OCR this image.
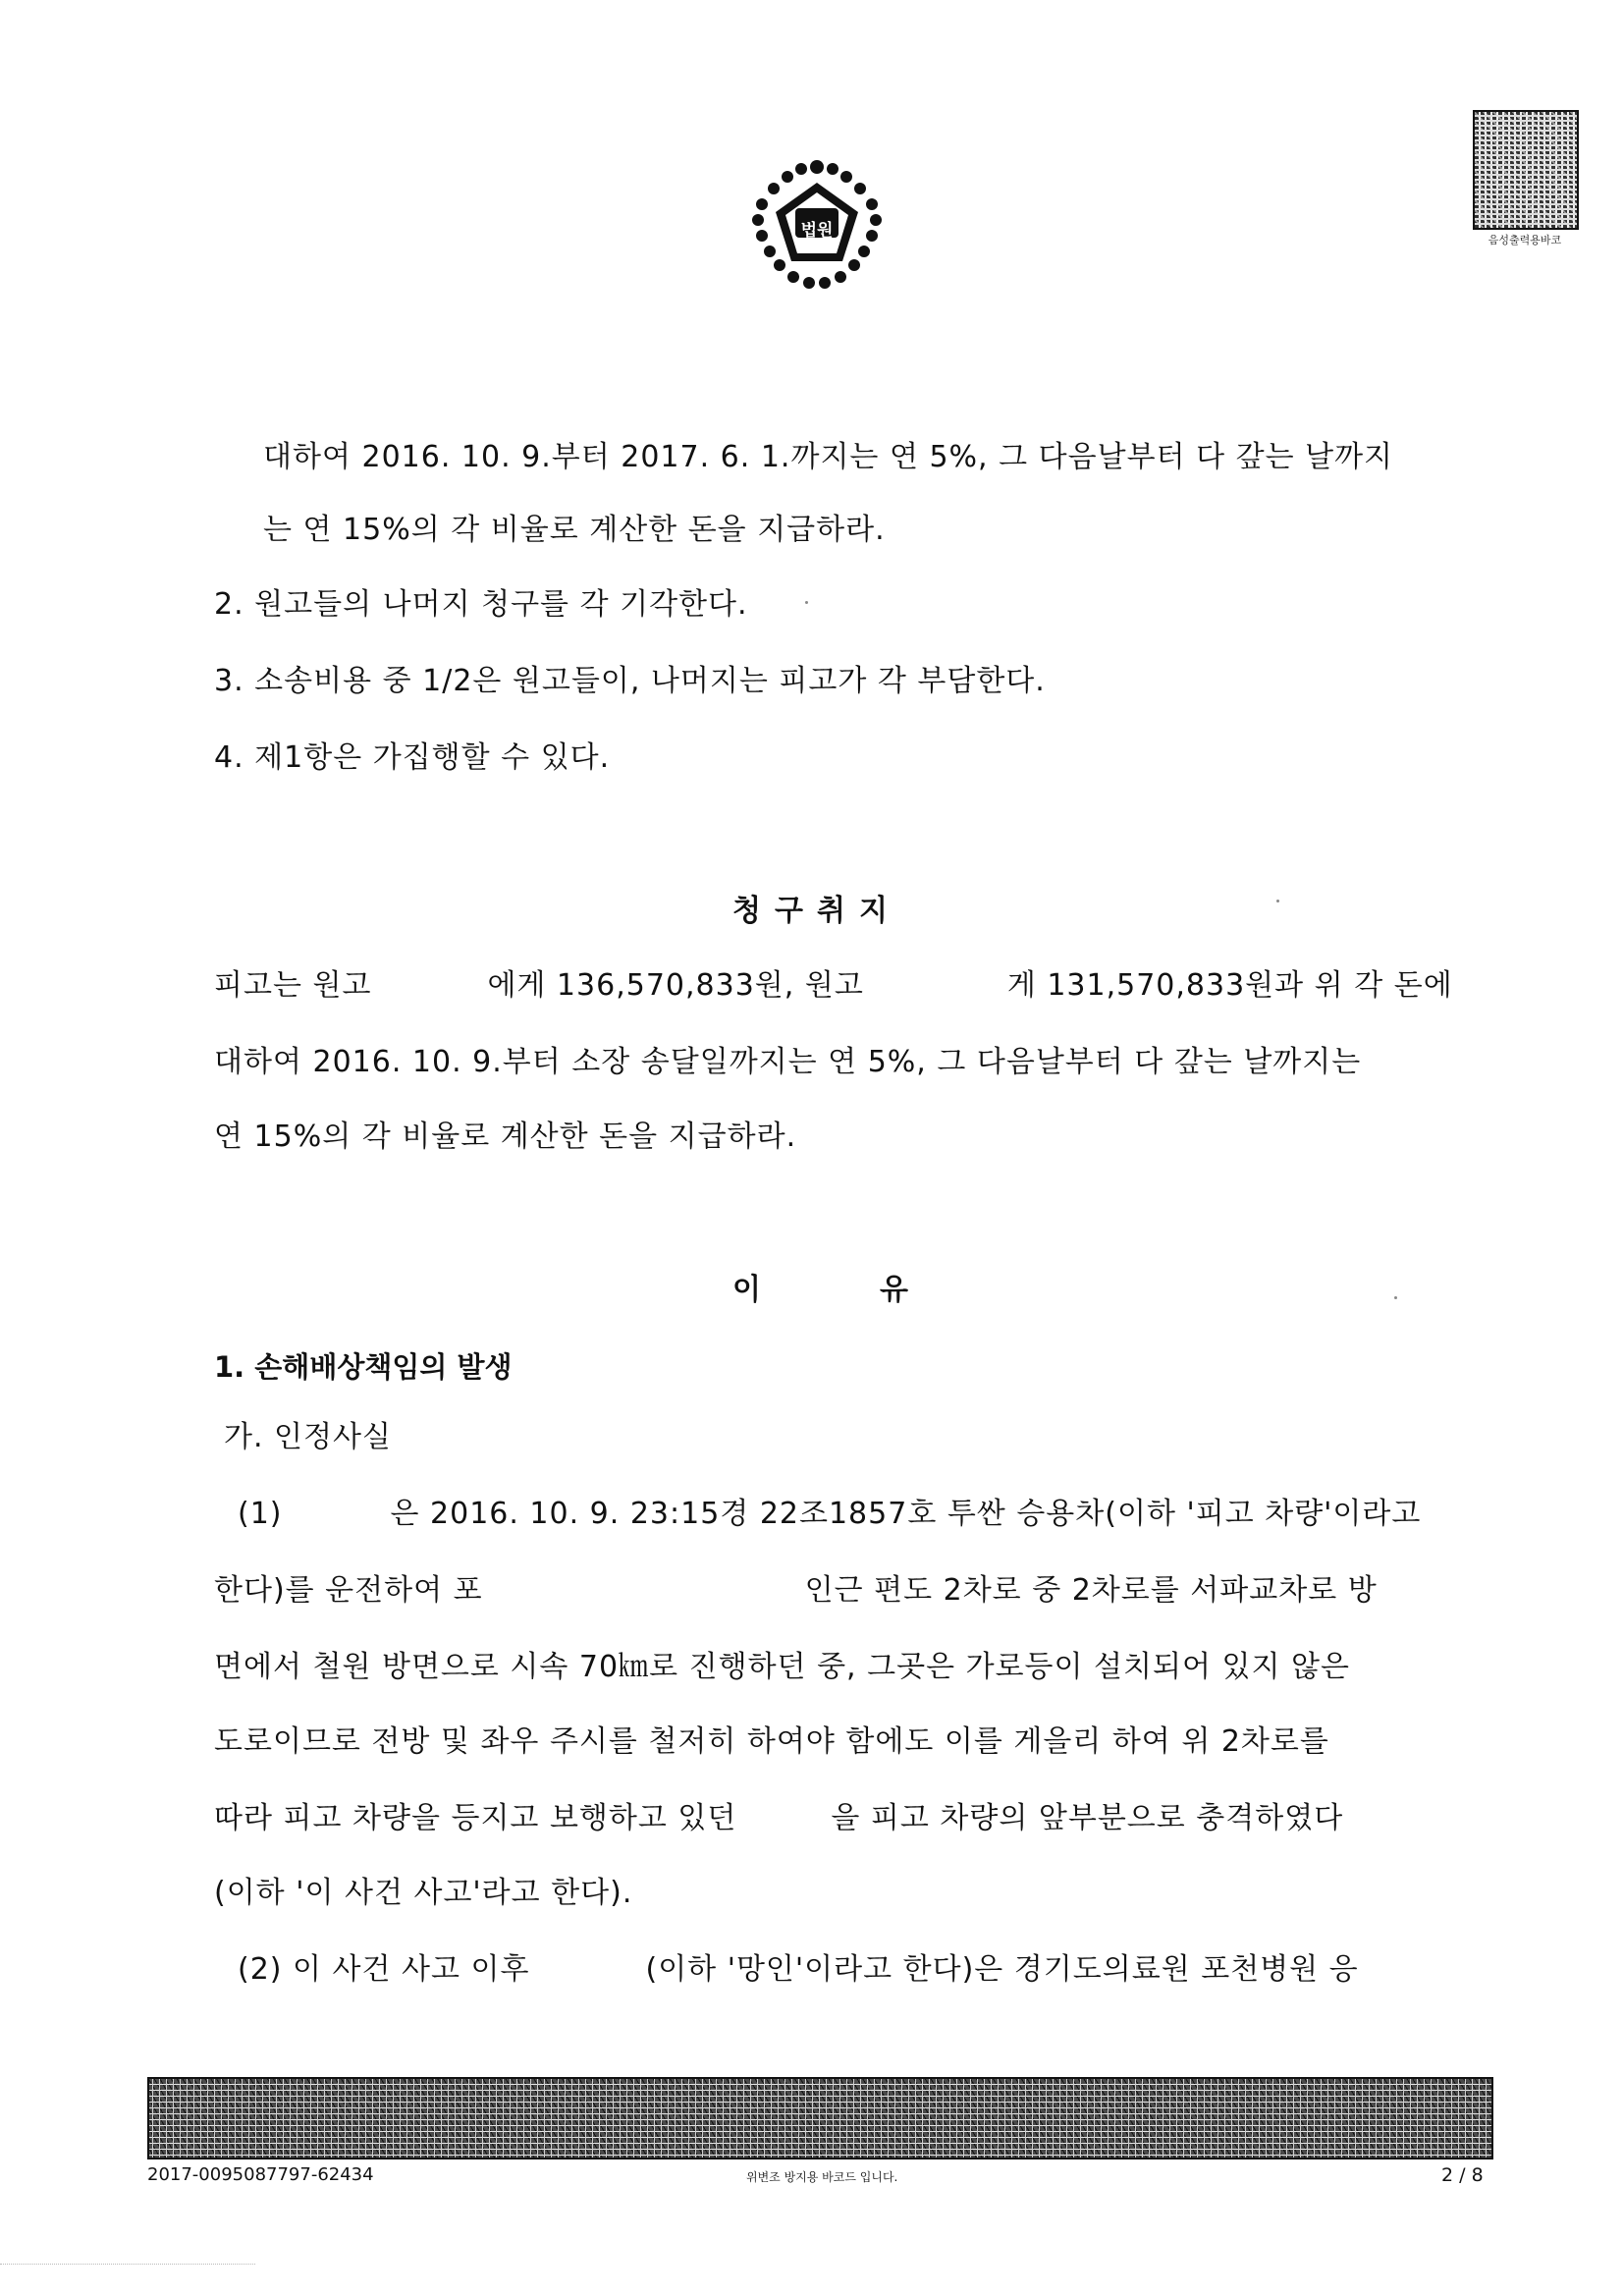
음성출력용바코
법원
대하여 2016. 10. 9.부터 2017. 6. 1.까지는 연 5%, 그 다음날부터 다 갚는 날까지
는 연 15%의 각 비율로 계산한 돈을 지급하라.
2. 원고들의 나머지 청구를 각 기각한다.
3. 소송비용 중 1/2은 원고들이, 나머지는 피고가 각 부담한다.
4. 제1항은 가집행할 수 있다.
청구취지
피고는 원고	에게 136,570,833원, 원고	게 131,570,833원과 위 각 돈에
대하여 2016. 10. 9.부터 소장 송달일까지는 연 5%, 그 다음날부터 다 갚는 날까지는
연 15%의 각 비율로 계산한 돈을 지급하라.
이	유
1. 손해배상책임의 발생
가. 인정사실
(1)	은 2016. 10. 9. 23:15경 22조1857호 투싼 승용차(이하 '피고 차량'이라고
한다)를 운전하여 포	인근 편도 2차로 중 2차로를 서파교차로 방
면에서 철원 방면으로 시속 70㎞로 진행하던 중, 그곳은 가로등이 설치되어 있지 않은
도로이므로 전방 및 좌우 주시를 철저히 하여야 함에도 이를 게을리 하여 위 2차로를
따라 피고 차량을 등지고 보행하고 있던	을 피고 차량의 앞부분으로 충격하였다
(이하 '이 사건 사고'라고 한다).
(2) 이 사건 사고 이후	(이하 '망인'이라고 한다)은 경기도의료원 포천병원 응
2017-0095087797-62434	위변조 방지용 바코드 입니다.	2 / 8
